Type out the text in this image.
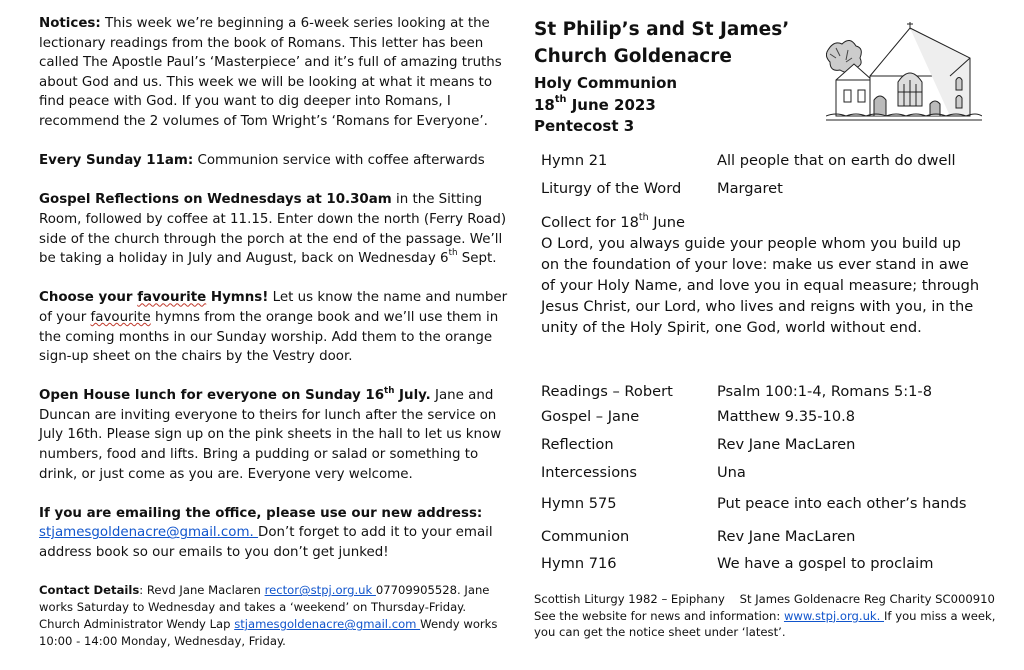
Notices: This week we’re beginning a 6-week series looking at the lectionary readings from the book of Romans. This letter has been called The Apostle Paul’s ‘Masterpiece’ and it’s full of amazing truths about God and us. This week we will be looking at what it means to find peace with God. If you want to dig deeper into Romans, I recommend the 2 volumes of Tom Wright’s ‘Romans for Everyone’.

Every Sunday 11am: Communion service with coffee afterwards

Gospel Reflections on Wednesdays at 10.30am in the Sitting Room, followed by coffee at 11.15. Enter down the north (Ferry Road) side of the church through the porch at the end of the passage. We’ll be taking a holiday in July and August, back on Wednesday 6th Sept.

Choose your favourite Hymns! Let us know the name and number of your favourite hymns from the orange book and we’ll use them in the coming months in our Sunday worship. Add them to the orange sign-up sheet on the chairs by the Vestry door.

Open House lunch for everyone on Sunday 16th July. Jane and Duncan are inviting everyone to theirs for lunch after the service on July 16th. Please sign up on the pink sheets in the hall to let us know numbers, food and lifts. Bring a pudding or salad or something to drink, or just come as you are. Everyone very welcome.

If you are emailing the office, please use our new address:
stjamesgoldenacre@gmail.com. Don’t forget to add it to your email address book so our emails to you don’t get junked!

Contact Details: Revd Jane Maclaren rector@stpj.org.uk 07709905528. Jane works Saturday to Wednesday and takes a ‘weekend’ on Thursday-Friday. Church Administrator Wendy Lap stjamesgoldenacre@gmail.com Wendy works 10:00 - 14:00 Monday, Wednesday, Friday.

St Philip’s and St James’
Church Goldenacre
Holy Communion
18th June 2023
Pentecost 3
Hymn 21	All people that on earth do dwell
Liturgy of the Word Margaret
Collect for 18th June
O Lord, you always guide your people whom you build up on the foundation of your love: make us ever stand in awe of your Holy Name, and love you in equal measure; through Jesus Christ, our Lord, who lives and reigns with you, in the unity of the Holy Spirit, one God, world without end.
Readings – Robert	Psalm 100:1-4, Romans 5:1-8
Gospel – Jane	Matthew 9.35-10.8
Reflection	Rev Jane MacLaren
Intercessions	Una
Hymn 575	Put peace into each other’s hands
Communion	Rev Jane MacLaren
Hymn 716	We have a gospel to proclaim
Scottish Liturgy 1982 – Epiphany St James Goldenacre Reg Charity SC000910
See the website for news and information: www.stpj.org.uk. If you miss a week, you can get the notice sheet under ‘latest’.
